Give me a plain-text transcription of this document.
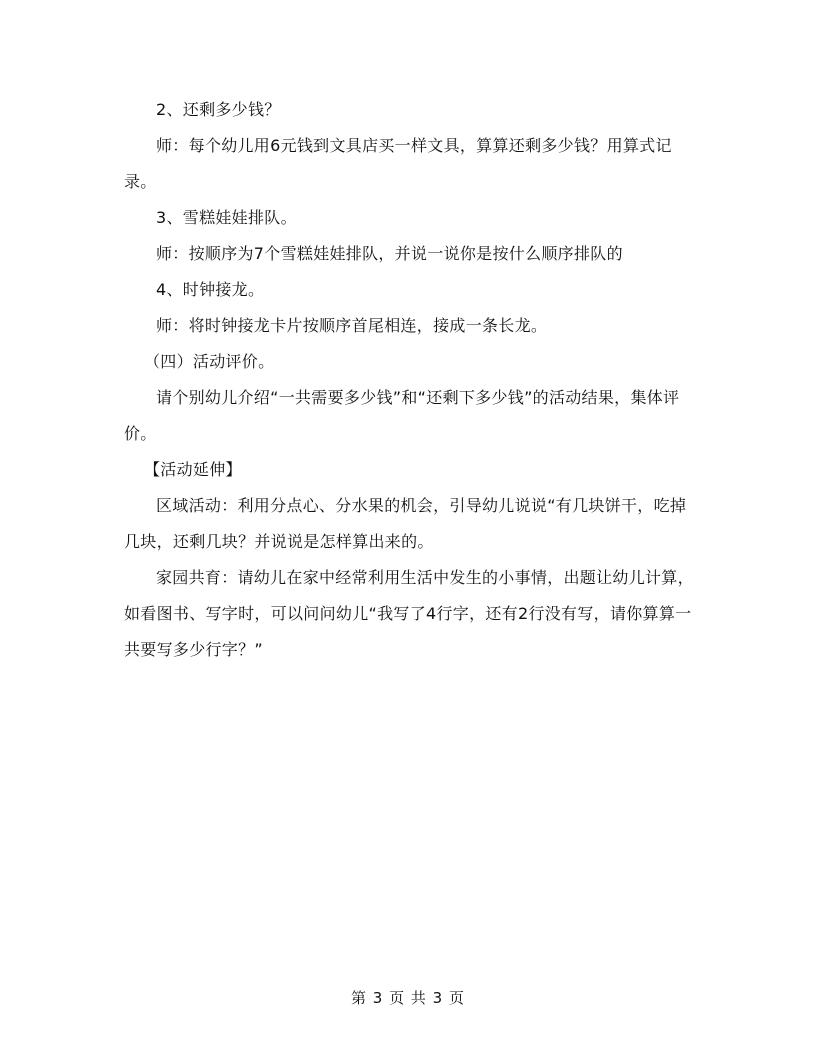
2、还剩多少钱？

师：每个幼儿用6元钱到文具店买一样文具，算算还剩多少钱？用算式记录。

3、雪糕娃娃排队。

师：按顺序为7个雪糕娃娃排队，并说一说你是按什么顺序排队的

4、时钟接龙。

师：将时钟接龙卡片按顺序首尾相连，接成一条长龙。

（四）活动评价。

请个别幼儿介绍“一共需要多少钱”和“还剩下多少钱”的活动结果，集体评价。

【活动延伸】

区域活动：利用分点心、分水果的机会，引导幼儿说说“有几块饼干，吃掉几块，还剩几块？并说说是怎样算出来的。

家园共育：请幼儿在家中经常利用生活中发生的小事情，出题让幼儿计算，如看图书、写字时，可以问问幼儿“我写了4行字，还有2行没有写，请你算算一共要写多少行字？”

第 3 页 共 3 页
